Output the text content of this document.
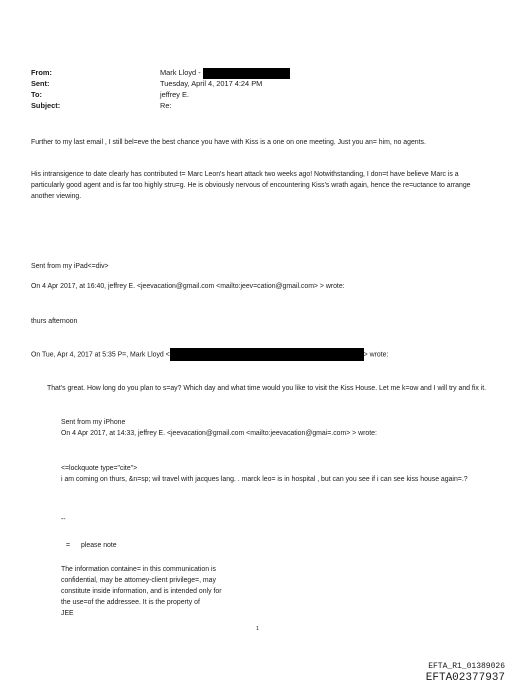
From:	Mark Lloyd -
Sent:	Tuesday, April 4, 2017 4:24 PM
To:	jeffrey E.
Subject:	Re:

Further to my last email , I still bel=eve the best chance you have with Kiss is a one on one meeting. Just you an= him, no agents.

His intransigence to date clearly has contributed t= Marc Leon's heart attack two weeks ago! Notwithstanding, I don=t have believe Marc is a particularly good agent and is far too highly stru=g. He is obviously nervous of encountering Kiss's wrath again, hence the re=uctance to arrange another viewing.

Sent from my iPad<=div>

On 4 Apr 2017, at 16:40, jeffrey E. <jeevacation@gmail.com <mailto:jeev=cation@gmail.com> > wrote:

thurs afternoon

On Tue, Apr 4, 2017 at 5:35 P=, Mark Lloyd <	> wrote:

That's great. How long do you plan to s=ay? Which day and what time would you like to visit the Kiss House. Let me k=ow and I will try and fix it.

Sent from my iPhone

On 4 Apr 2017, at 14:33, jeffrey E. <jeevacation@gmail.com <mailto:jeevacation@gmai=.com> > wrote:

<=lockquote type="cite">

i am coming on thurs, &n=sp; wil travel with jacques lang. . marck leo= is in hospital , but can you see if i can see kiss house again=.?

--
= please note
The information containe= in this communication is
confidential, may be attorney-client privilege=, may
constitute inside information, and is intended only for
the use=of the addressee. It is the property of
JEE
1
EFTA_R1_01389026
EFTA02377937
